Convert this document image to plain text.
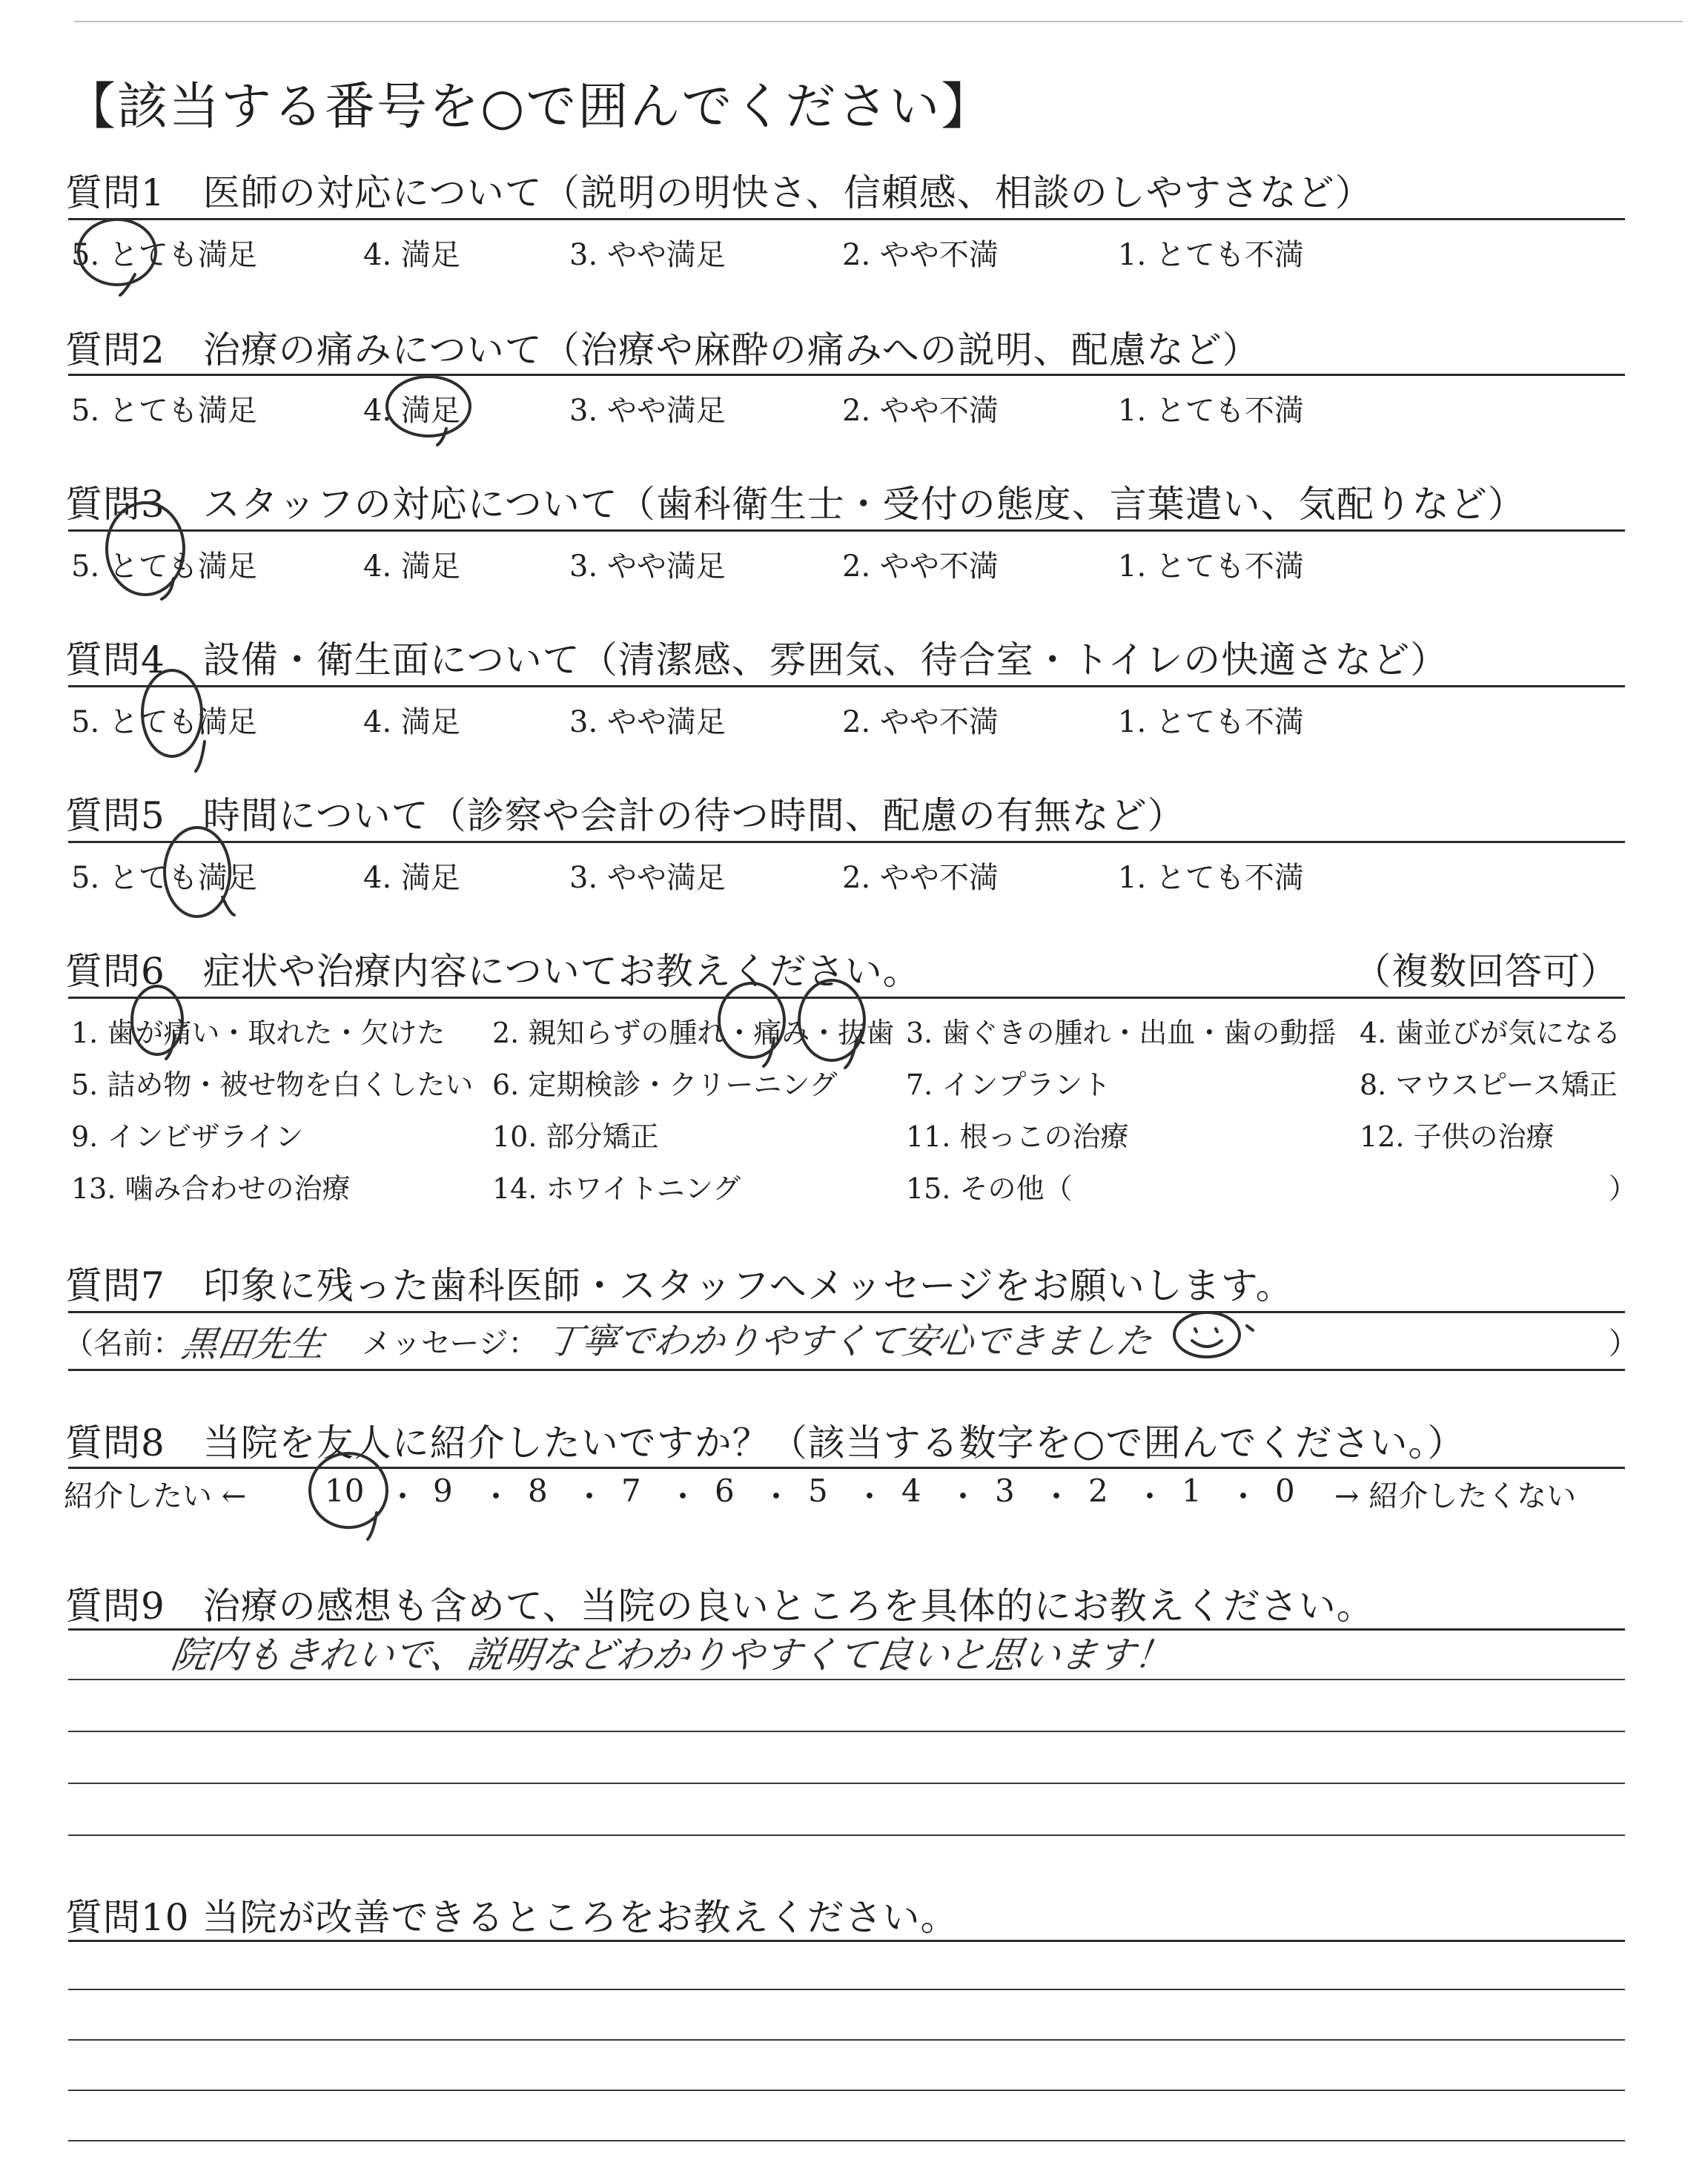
【該当する番号を○で囲んでください】
質問1　医師の対応について（説明の明快さ、信頼感、相談のしやすさなど）
5. とても満足	4. 満足	3. やや満足	2. やや不満	1. とても不満
質問2　治療の痛みについて（治療や麻酔の痛みへの説明、配慮など）
5. とても満足	4. 満足	3. やや満足	2. やや不満	1. とても不満
質問3　スタッフの対応について（歯科衛生士・受付の態度、言葉遣い、気配りなど）
5. とても満足	4. 満足	3. やや満足	2. やや不満	1. とても不満
質問4　設備・衛生面について（清潔感、雰囲気、待合室・トイレの快適さなど）
5. とても満足	4. 満足	3. やや満足	2. やや不満	1. とても不満
質問5　時間について（診察や会計の待つ時間、配慮の有無など）
5. とても満足	4. 満足	3. やや満足	2. やや不満	1. とても不満
質問6　症状や治療内容についてお教えください。	（複数回答可）
1. 歯が痛い・取れた・欠けた 2. 親知らずの腫れ・痛み・抜歯 3. 歯ぐきの腫れ・出血・歯の動揺 4. 歯並びが気になる
5. 詰め物・被せ物を白くしたい 6. 定期検診・クリーニング 7. インプラント	8. マウスピース矯正
9. インビザライン	10. 部分矯正	11. 根っこの治療	12. 子供の治療
13. 噛み合わせの治療	14. ホワイトニング	15. その他（	）
質問7　印象に残った歯科医師・スタッフへメッセージをお願いします。
（名前：
黒田先生 メッセージ： 丁寧でわかりやすくて安心できました	）
質問8　当院を友人に紹介したいですか？（該当する数字を○で囲んでください。）
紹介したい ←	10 ・ 9 ・ 8 ・ 7 ・ 6 ・ 5 ・ 4 ・ 3 ・ 2 ・ 1 ・ 0 → 紹介したくない
質問9　治療の感想も含めて、当院の良いところを具体的にお教えください。
院内もきれいで、説明などわかりやすくて良いと思います！
質問10 当院が改善できるところをお教えください。
